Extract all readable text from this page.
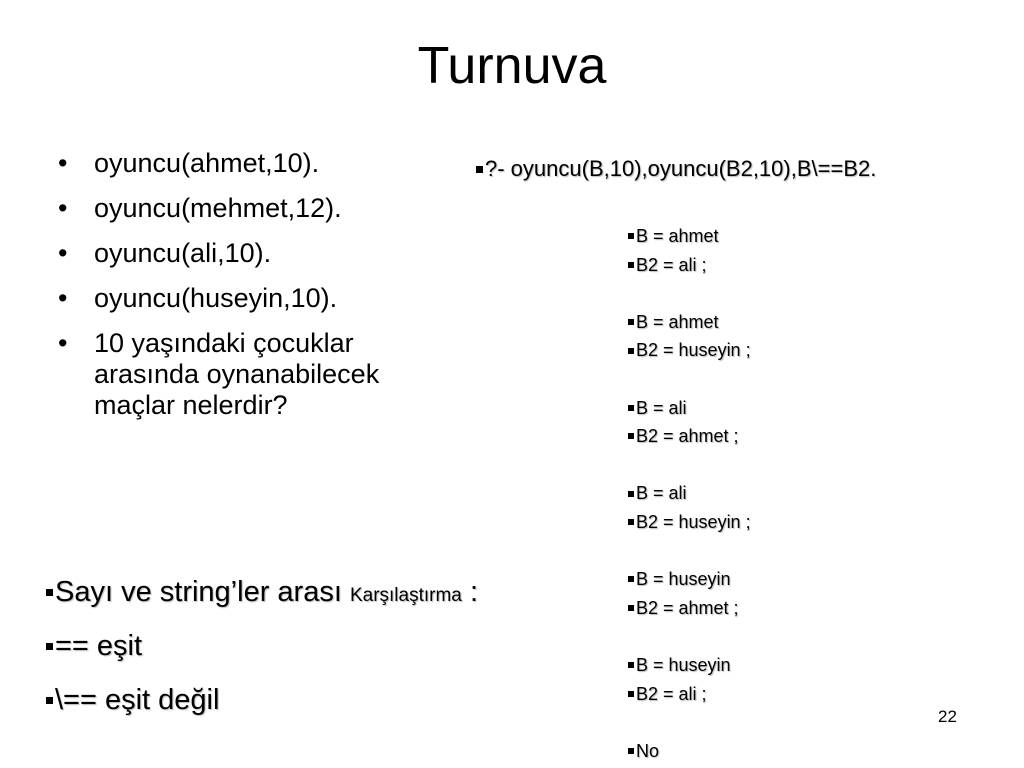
Turnuva
• oyuncu(ahmet,10).
• oyuncu(mehmet,12).
• oyuncu(ali,10).
• oyuncu(huseyin,10).
• 10 yaşındaki çocuklar arasında oynanabilecek maçlar nelerdir?
?- oyuncu(B,10),oyuncu(B2,10),B\==B2.
B = ahmet
B2 = ali ;
B = ahmet
B2 = huseyin ;
B = ali
B2 = ahmet ;
B = ali
B2 = huseyin ;
B = huseyin
B2 = ahmet ;
B = huseyin
B2 = ali ;
No
Sayı ve string’ler arası Karşılaştırma :
== eşit
\== eşit değil
22
